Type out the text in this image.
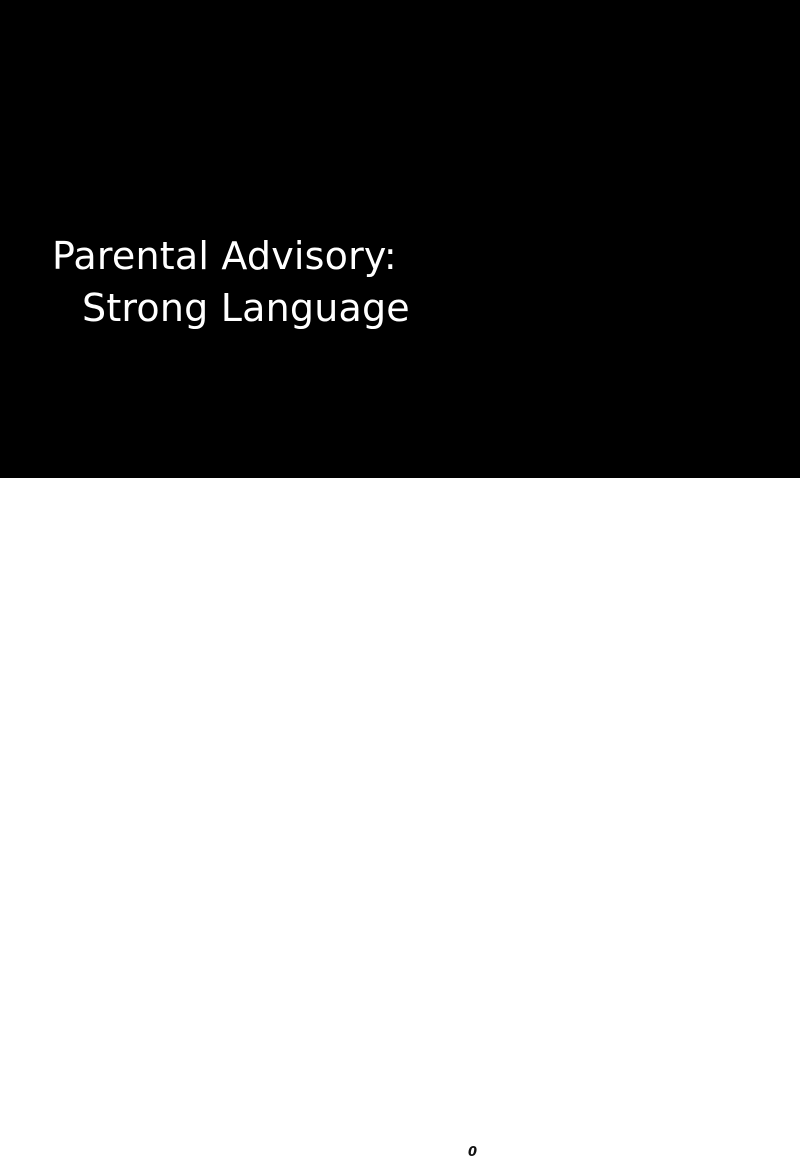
Parental Advisory:

Strong Language

0
